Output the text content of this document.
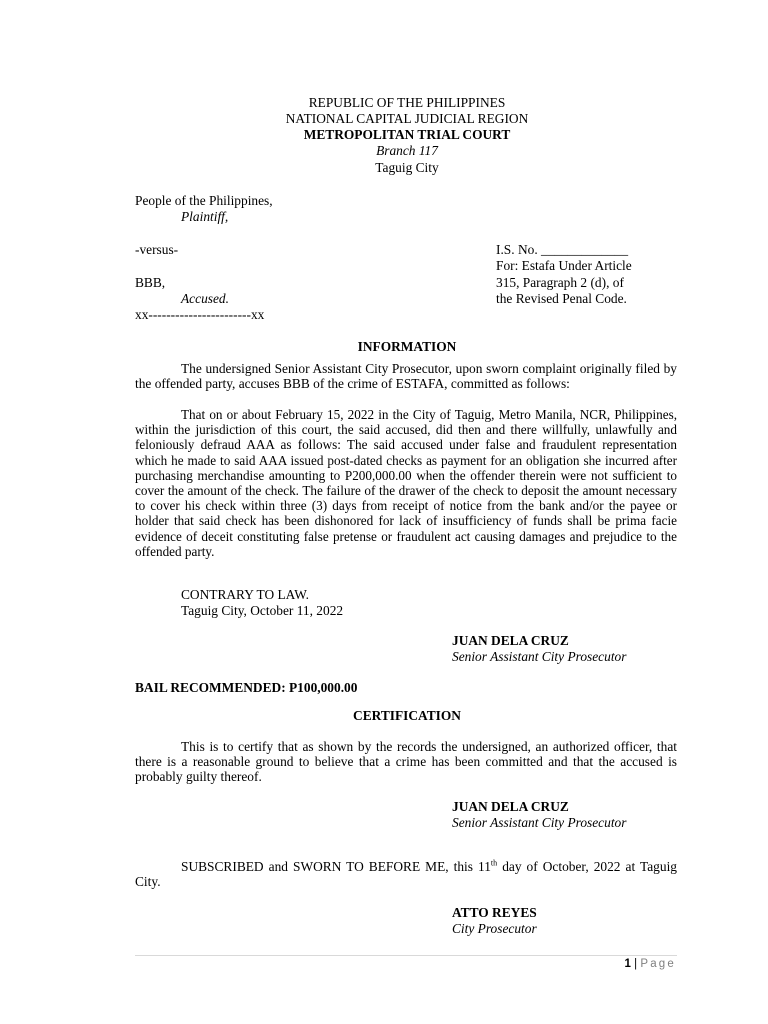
REPUBLIC OF THE PHILIPPINES
NATIONAL CAPITAL JUDICIAL REGION
METROPOLITAN TRIAL COURT
Branch 117
Taguig City
People of the Philippines,
Plaintiff,
-versus-
BBB,
Accused.
xx-----------------------xx
I.S. No. _____________
For: Estafa Under Article
315, Paragraph 2 (d), of
the Revised Penal Code.
INFORMATION
The undersigned Senior Assistant City Prosecutor, upon sworn complaint originally filed by the offended party, accuses BBB of the crime of ESTAFA, committed as follows:
That on or about February 15, 2022 in the City of Taguig, Metro Manila, NCR, Philippines, within the jurisdiction of this court, the said accused, did then and there willfully, unlawfully and feloniously defraud AAA as follows: The said accused under false and fraudulent representation which he made to said AAA issued post-dated checks as payment for an obligation she incurred after purchasing merchandise amounting to P200,000.00 when the offender therein were not sufficient to cover the amount of the check. The failure of the drawer of the check to deposit the amount necessary to cover his check within three (3) days from receipt of notice from the bank and/or the payee or holder that said check has been dishonored for lack of insufficiency of funds shall be prima facie evidence of deceit constituting false pretense or fraudulent act causing damages and prejudice to the offended party.
CONTRARY TO LAW.
Taguig City, October 11, 2022
JUAN DELA CRUZ
Senior Assistant City Prosecutor
BAIL RECOMMENDED: P100,000.00
CERTIFICATION
This is to certify that as shown by the records the undersigned, an authorized officer, that there is a reasonable ground to believe that a crime has been committed and that the accused is probably guilty thereof.
JUAN DELA CRUZ
Senior Assistant City Prosecutor
SUBSCRIBED and SWORN TO BEFORE ME, this 11th day of October, 2022 at Taguig City.
ATTO REYES
City Prosecutor
1 | Page
